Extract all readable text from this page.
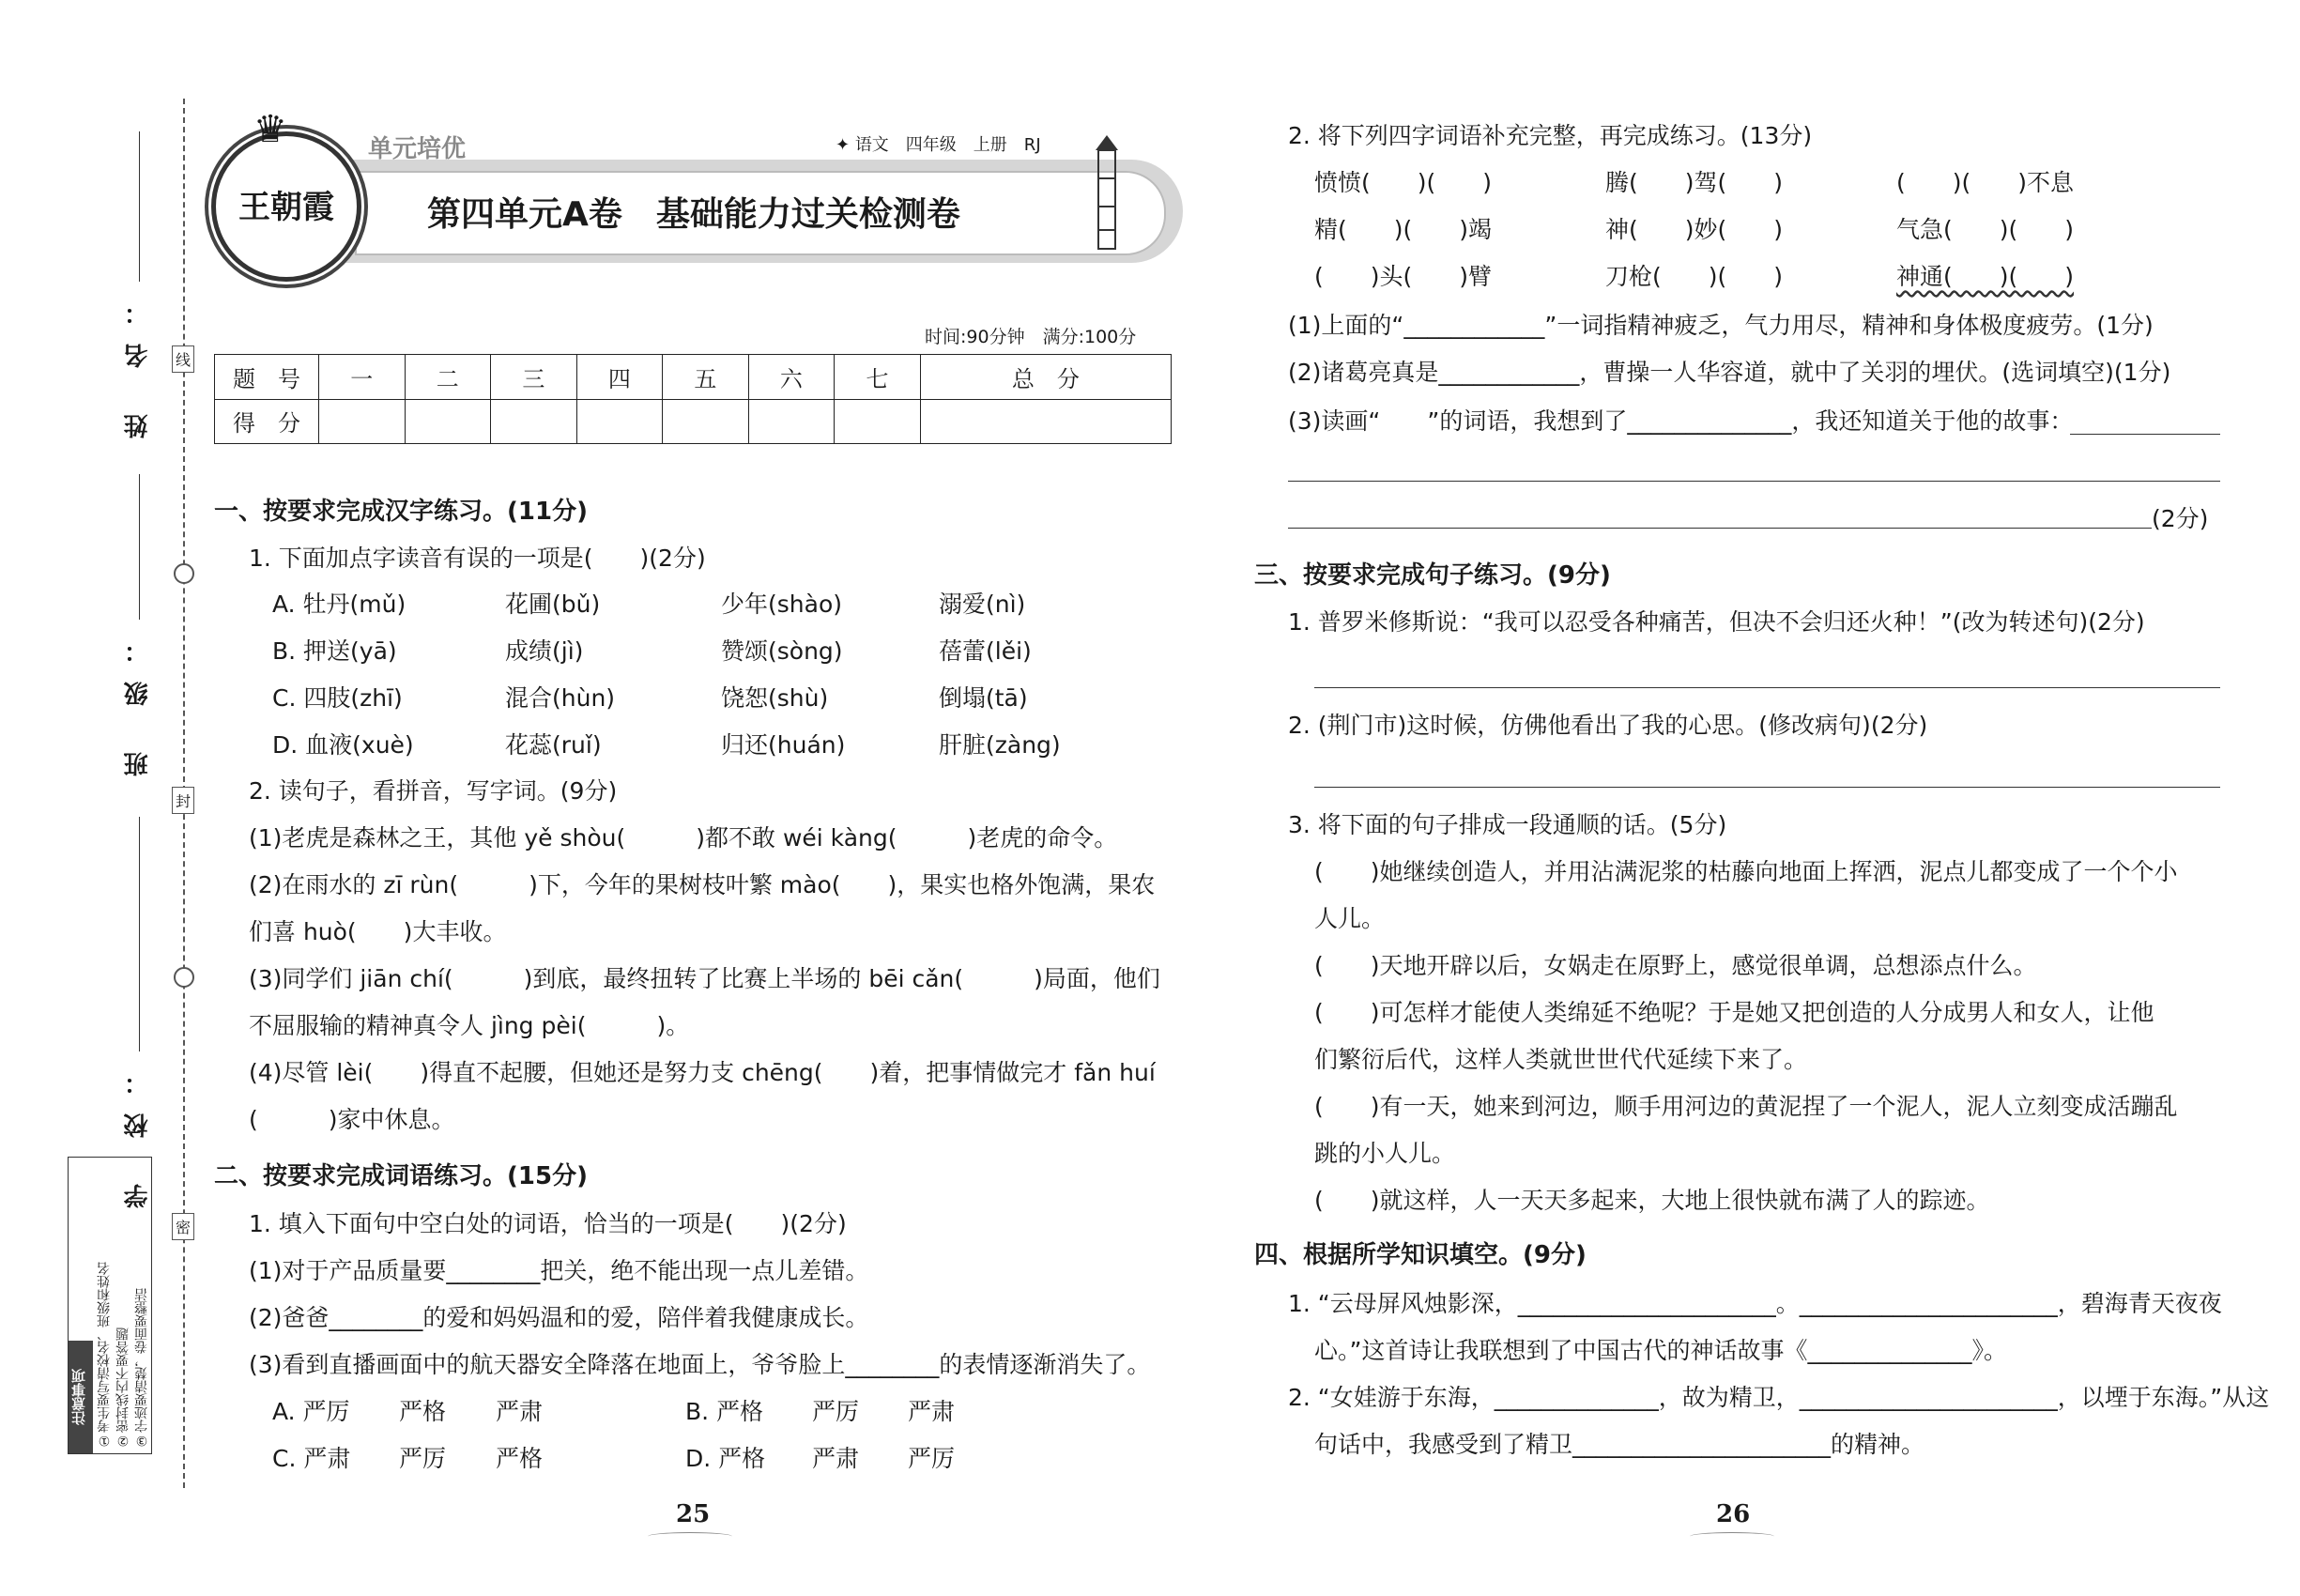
线
封
密
姓 名：
班 级：
学 校：
注意事项 ①考生要写清校名、班级和姓名 ②密封线内不要答题 ③字迹要清楚，卷面要整洁
王朝霞
♛	单元培优	✦ 语文　四年级　上册　RJ
第四单元A卷　基础能力过关检测卷
时间:90分钟　满分:100分
题　号	一	二	三	四	五	六	七	总　分
得　分								
一、按要求完成汉字练习。(11分)
1. 下面加点字读音有误的一项是(　　)(2分)
A. 牡丹(mǔ)	花圃(bǔ)	少年(shào)	溺爱(nì)
B. 押送(yā)	成绩(jì)	赞颂(sòng)	蓓蕾(lěi)
C. 四肢(zhī)	混合(hùn)	饶恕(shù)	倒塌(tā)
D. 血液(xuè)	花蕊(ruǐ)	归还(huán)	肝脏(zàng)
2. 读句子，看拼音，写字词。(9分)
(1)老虎是森林之王，其他 yě shòu(　　　)都不敢 wéi kàng(　　　)老虎的命令。
(2)在雨水的 zī rùn(　　　)下，今年的果树枝叶繁 mào(　　)，果实也格外饱满，果农
们喜 huò(　　)大丰收。
(3)同学们 jiān chí(　　　)到底，最终扭转了比赛上半场的 bēi cǎn(　　　)局面，他们
不屈服输的精神真令人 jìng pèi(　　　)。
(4)尽管 lèi(　　)得直不起腰，但她还是努力支 chēng(　　)着，把事情做完才 fǎn huí
(　　　)家中休息。
二、按要求完成词语练习。(15分)
1. 填入下面句中空白处的词语，恰当的一项是(　　)(2分)
(1)对于产品质量要________把关，绝不能出现一点儿差错。
(2)爸爸________的爱和妈妈温和的爱，陪伴着我健康成长。
(3)看到直播画面中的航天器安全降落在地面上，爷爷脸上________的表情逐渐消失了。
A. 严厉 严格 严肃	B. 严格 严厉 严肃
C. 严肃 严厉 严格	D. 严格 严肃 严厉
25
2. 将下列四字词语补充完整，再完成练习。(13分)
愤愤(　　)(　　)	腾(　　)驾(　　)	(　　)(　　)不息
精(　　)(　　)竭	神(　　)妙(　　)	气急(　　)(　　)
(　　)头(　　)臂	刀枪(　　)(　　)	神通(　　)(　　)
(1)上面的“____________”一词指精神疲乏，气力用尽，精神和身体极度疲劳。(1分)
(2)诸葛亮真是____________，曹操一人华容道，就中了关羽的埋伏。(选词填空)(1分)
(3)读画“　　”的词语，我想到了______________，我还知道关于他的故事：
(2分)
三、按要求完成句子练习。(9分)
1. 普罗米修斯说：“我可以忍受各种痛苦，但决不会归还火种！”(改为转述句)(2分)
2. (荆门市)这时候，仿佛他看出了我的心思。(修改病句)(2分)
3. 将下面的句子排成一段通顺的话。(5分)
(　　)她继续创造人，并用沾满泥浆的枯藤向地面上挥洒，泥点儿都变成了一个个小
人儿。
(　　)天地开辟以后，女娲走在原野上，感觉很单调，总想添点什么。
(　　)可怎样才能使人类绵延不绝呢？于是她又把创造的人分成男人和女人，让他
们繁衍后代，这样人类就世世代代延续下来了。
(　　)有一天，她来到河边，顺手用河边的黄泥捏了一个泥人，泥人立刻变成活蹦乱
跳的小人儿。
(　　)就这样，人一天天多起来，大地上很快就布满了人的踪迹。
四、根据所学知识填空。(9分)
1. “云母屏风烛影深，______________________。______________________，碧海青天夜夜
心。”这首诗让我联想到了中国古代的神话故事《______________》。
2. “女娃游于东海，______________，故为精卫，______________________，以堙于东海。”从这
句话中，我感受到了精卫______________________的精神。
26
